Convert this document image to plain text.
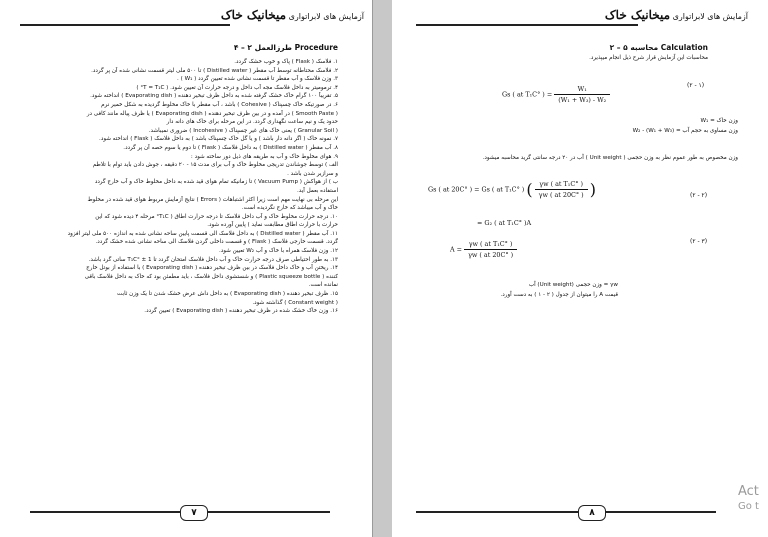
آزمایش های لابراتواری میخانیک خاک
۴ – ۲ طرزالعمل Procedure
۱. فلاسک ( Flask ) پاک و خوب خشک گردد.
۲. فلاسک محتاطانه توسط آب مقطر ( Distilled water ) تا ۵۰۰ ملی لیتر قسمت نشانی شده آن پر گردد.
۳. وزن فلاسک و آب مقطر تا قسمت نشانی شده تعیین گردد ( W₁ ) .
۴. ترمومیتر به داخل فلاسک مجه آب داخل و درجه حرارت آن تعیین شود. ( T = T₁C° )
۵. تقریباً ۱۰۰ گرام خاک خشک گرفته شده به داخل ظرف تبخیر دهنده ( Evaporating dish ) انداخته شود.
۶. در صورتیکه خاک چسپناک ( Cohesive ) باشد ، آب مقطر با خاک مخلوط گردیده به شکل خمیر نرم
( Smooth Paste ) در آمده و در بین ظرف تبخیر دهنده ( Evaporating dish ) یا ظرف پیاله مانند کافی در
حدود یک و نیم ساعت نگهداری گردد. در این مرحله برای خاک های دانه دار
( Granular Soil ) یعنی خاک های غیر چسپناک ( Incohesive ) ضروری نمیباشد.
۷. نمونه خاک ( اگر دانه دار باشد ) و یا گل خاک چسپناک باشد ) به داخل فلاسک ( Flask ) انداخته شود.
۸. آب مقطر ( Distilled water ) به داخل فلاسک ( Flask ) تا دوم یا سوم حصه آن پر گردد.
۹. هوای مخلوط خاک و آب به طریقه های ذیل دور ساخته شود :
الف ) توسط جوشاندن تدریجی مخلوط خاک و آب برای مدت ۱۵ - ۲۰ دقیقه ، جوش دادن باید توام با تلاطم
و سرازیر شدن باشد .
ب ) از هواکش ( Vacuum Pump ) تا زمانیکه تمام هوای قید شده به داخل مخلوط خاک و آب خارج گردد
استفاده بعمل آید.
این مرحله بی نهایت مهم است زیرا اکثر اشتباهات ( Errors ) نتایج آزمایش مربوط هوای قید شده در مخلوط
خاک و آب میباشد که خارج نگردیده است.
۱۰. درجه حرارت مخلوط خاک و آب داخل فلاسک تا درجه حرارت اطاق ( T₁C° مرحله ۴ دیده شود که این
حرارت با حرارت اطاق مطابقت نماید ) پایین آورده شود.
۱۱. آب مقطر ( Distilled water ) به داخل فلاسک الی قسمت پایین ساحه نشانی شده به اندازه ۵۰۰ ملی لیتر افزود
گردد. قسمت خارجی فلاسک ( Flask ) و قسمت داخلی گردن فلاسک الی ساحه نشانی شده خشک گردد.
۱۲. وزن فلاسک همراه با خاک و آب W₂ تعیین شود.
۱۳. به طور احتیاطی صرف درجه حرارت خاک و آب داخل فلاسک امتحان گردد تا T₁C° ± 1 ساتی گرد باشد.
۱۴. ریختن آب و خاک داخل فلاسک در بین ظرف تبخیر دهنده ( Evaporating dish ) با استفاده از بوتل خارج
کننده ( Plastic squeeze bottle ) و شستشوی داخل فلاسک ، باید مطمئن بود که خاک به داخل فلاسک باقی
نمانده است.
۱۵. ظرف تبخیر دهنده ( Evaporating dish ) به داخل داش عرض خشک شدن تا یک وزن ثابت
( Constant weight ) گذاشته شود.
۱۶. وزن خاک خشک شده در ظرف تبخیر دهنده ( Evaporating dish ) تعیین گردد.
۷
آزمایش های لابراتواری میخانیک خاک
۲ – ۵ محاسبه Calculation
محاسبات این آزمایش قرار شرح ذیل انجام میپذیرد.
Gs ( at T₁C° ) = $\frac{\text{W₁}}{\text{(W₁ + W₃) - W₂}}$	(۲ - ۱)
وزن خاک = W₁
وزن مساوی به حجم آب = (W₁ + W₃) - W₂
وزن مخصوص به طور عموم نظر به وزن حجمی ( Unit weight ) آب در ۲۰ درجه سانتی گرید محاسبه میشود.
Gs ( at 20C° ) = Gs ( at T₁C° ) ( $\frac{\text{γw ( at T₁C° )}}{\gamma w ( at 20C^\circ )}$ )	(۲ - ۲)
= G₂ ( at T₁C° )A
$A = \frac{\text{γw ( at T₁C° )}}{\gamma w ( at 20C^\circ )}$	(۲ - ۳)
γw = وزن حجمی (Unit weight) آب
قیمت A را میتوان از جدول ( ۲ - ۱ ) به دست آورد.
۸
Act
Go t
